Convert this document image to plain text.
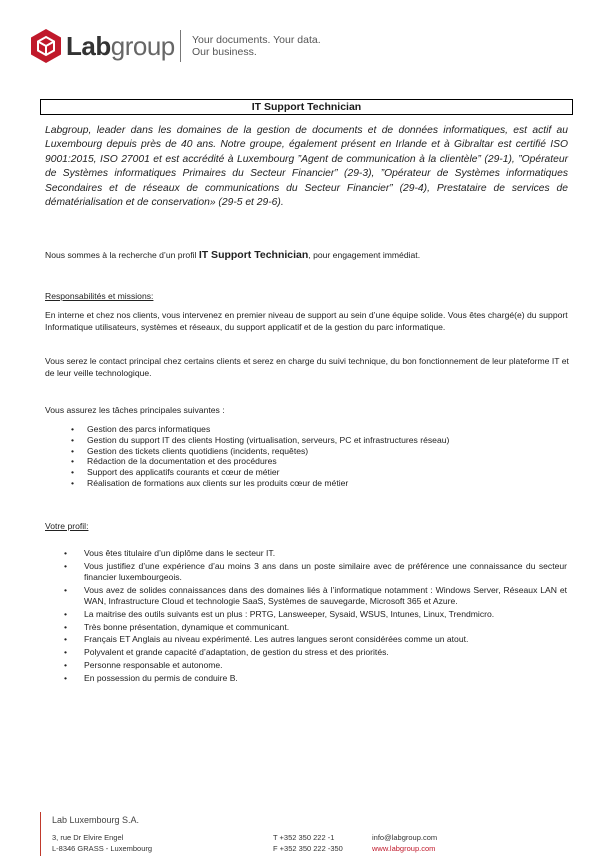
Labgroup Your documents. Your data.
Our business.
IT Support Technician
Labgroup, leader dans les domaines de la gestion de documents et de données informatiques, est actif au Luxembourg depuis près de 40 ans. Notre groupe, également présent en Irlande et à Gibraltar est certifié ISO 9001:2015, ISO 27001 et est accrédité à Luxembourg ”Agent de communication à la clientèle” (29-1), ”Opérateur de Systèmes informatiques Primaires du Secteur Financier” (29-3), ”Opérateur de Systèmes informatiques Secondaires et de réseaux de communications du Secteur Financier” (29-4), Prestataire de services de dématérialisation et de conservation» (29-5 et 29-6).
Nous sommes à la recherche d’un profil IT Support Technician, pour engagement immédiat.
Responsabilités et missions:
En interne et chez nos clients, vous intervenez en premier niveau de support au sein d’une équipe solide. Vous êtes chargé(e) du support Informatique utilisateurs, systèmes et réseaux, du support applicatif et de la gestion du parc informatique.
Vous serez le contact principal chez certains clients et serez en charge du suivi technique, du bon fonctionnement de leur plateforme IT et de leur veille technologique.
Vous assurez les tâches principales suivantes :
• Gestion des parcs informatiques
• Gestion du support IT des clients Hosting (virtualisation, serveurs, PC et infrastructures réseau)
• Gestion des tickets clients quotidiens (incidents, requêtes)
• Rédaction de la documentation et des procédures
• Support des applicatifs courants et cœur de métier
• Réalisation de formations aux clients sur les produits cœur de métier
Votre profil:
• Vous êtes titulaire d’un diplôme dans le secteur IT.
• Vous justifiez d’une expérience d’au moins 3 ans dans un poste similaire avec de préférence une connaissance du secteur financier luxembourgeois.
• Vous avez de solides connaissances dans des domaines liés à l’informatique notamment : Windows Server, Réseaux LAN et WAN, Infrastructure Cloud et technologie SaaS, Systèmes de sauvegarde, Microsoft 365 et Azure.
• La maitrise des outils suivants est un plus : PRTG, Lansweeper, Sysaid, WSUS, Intunes, Linux, Trendmicro.
• Très bonne présentation, dynamique et communicant.
• Français ET Anglais au niveau expérimenté. Les autres langues seront considérées comme un atout.
• Polyvalent et grande capacité d’adaptation, de gestion du stress et des priorités.
• Personne responsable et autonome.
• En possession du permis de conduire B.
Lab Luxembourg S.A.
3, rue Dr Elvire Engel
L-8346 GRASS - Luxembourg
T +352 350 222 -1
F +352 350 222 -350
info@labgroup.com
www.labgroup.com
